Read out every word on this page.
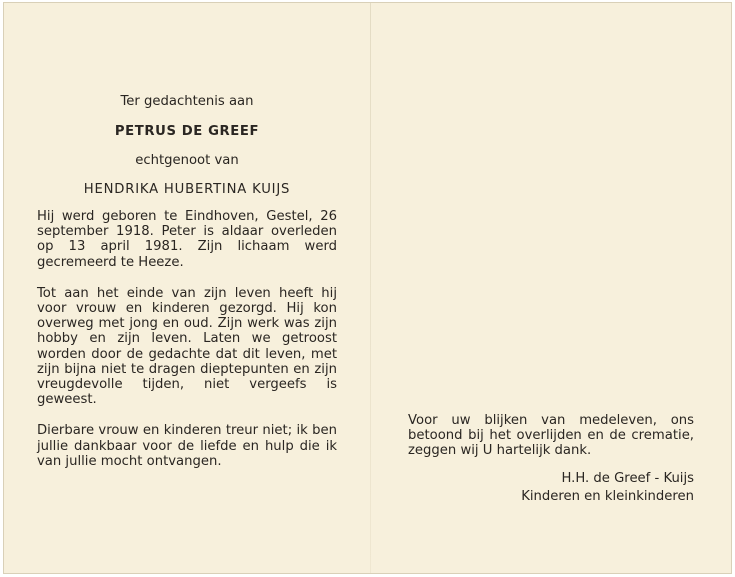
Ter gedachtenis aan
PETRUS DE GREEF
echtgenoot van
HENDRIKA HUBERTINA KUIJS

Hij werd geboren te Eindhoven, Gestel, 26 september 1918. Peter is aldaar overleden op 13 april 1981. Zijn lichaam werd gecremeerd te Heeze.

Tot aan het einde van zijn leven heeft hij voor vrouw en kinderen gezorgd. Hij kon overweg met jong en oud. Zijn werk was zijn hobby en zijn leven. Laten we getroost worden door de gedachte dat dit leven, met zijn bijna niet te dragen dieptepunten en zijn vreugdevolle tijden, niet vergeefs is geweest.

Dierbare vrouw en kinderen treur niet; ik ben jullie dankbaar voor de liefde en hulp die ik van jullie mocht ontvangen.

Voor uw blijken van medeleven, ons betoond bij het overlijden en de crematie, zeggen wij U hartelijk dank.

H.H. de Greef - Kuijs
Kinderen en kleinkinderen
